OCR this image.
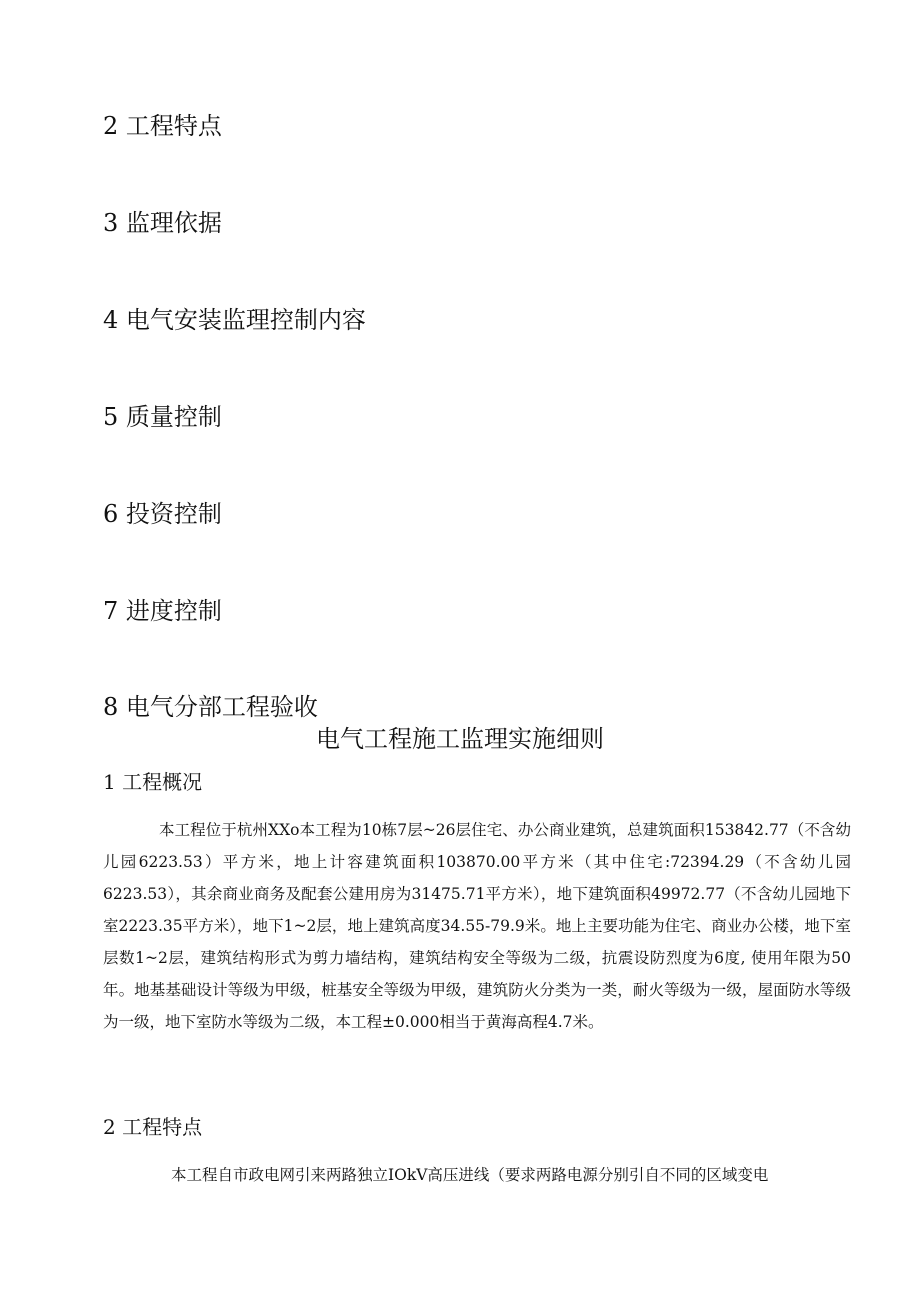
2 工程特点
3 监理依据
4 电气安装监理控制内容
5 质量控制
6 投资控制
7 进度控制
8 电气分部工程验收
电气工程施工监理实施细则
1 工程概况

本工程位于杭州XXo本工程为10栋7层~26层住宅、办公商业建筑，总建筑面积153842.77（不含幼儿园6223.53）平方米，地上计容建筑面积103870.00平方米（其中住宅:72394.29（不含幼儿园6223.53），其余商业商务及配套公建用房为31475.71平方米），地下建筑面积49972.77（不含幼儿园地下室2223.35平方米），地下1~2层，地上建筑高度34.55-79.9米。地上主要功能为住宅、商业办公楼，地下室层数1~2层，建筑结构形式为剪力墙结构，建筑结构安全等级为二级，抗震设防烈度为6度, 使用年限为50年。地基基础设计等级为甲级，桩基安全等级为甲级，建筑防火分类为一类，耐火等级为一级，屋面防水等级为一级，地下室防水等级为二级，本工程±0.000相当于黄海高程4.7米。

2 工程特点

本工程自市政电网引来两路独立IOkV高压进线（要求两路电源分别引自不同的区域变电
